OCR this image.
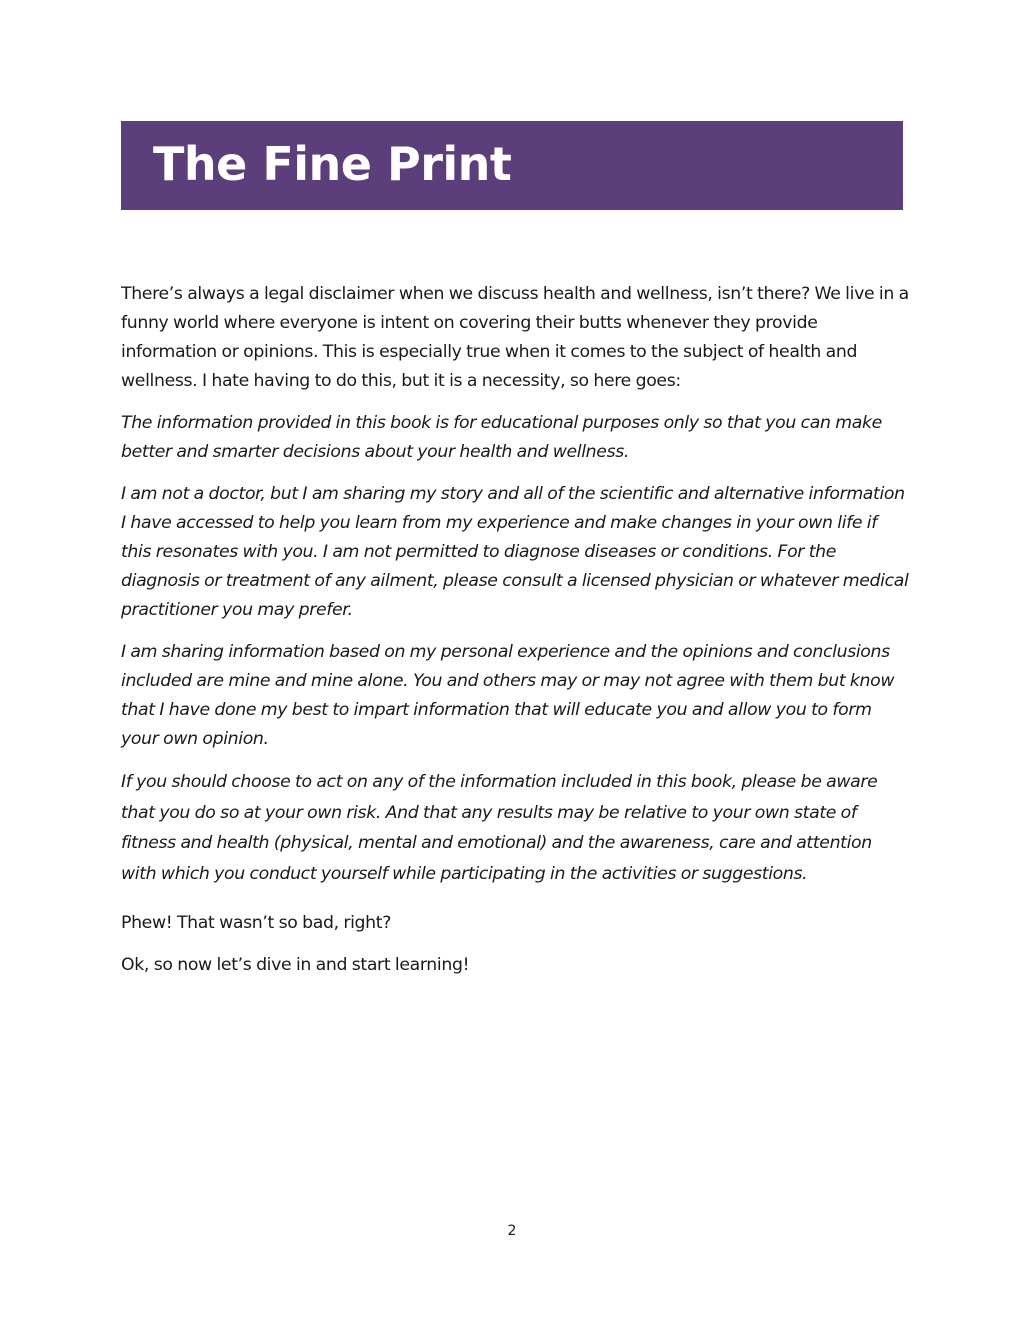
The Fine Print

There’s always a legal disclaimer when we discuss health and wellness, isn’t there? We live in a funny world where everyone is intent on covering their butts whenever they provide information or opinions. This is especially true when it comes to the subject of health and wellness. I hate having to do this, but it is a necessity, so here goes:

The information provided in this book is for educational purposes only so that you can make better and smarter decisions about your health and wellness.

I am not a doctor, but I am sharing my story and all of the scientific and alternative information I have accessed to help you learn from my experience and make changes in your own life if this resonates with you. I am not permitted to diagnose diseases or conditions. For the diagnosis or treatment of any ailment, please consult a licensed physician or whatever medical practitioner you may prefer.

I am sharing information based on my personal experience and the opinions and conclusions included are mine and mine alone. You and others may or may not agree with them but know that I have done my best to impart information that will educate you and allow you to form your own opinion.

If you should choose to act on any of the information included in this book, please be aware that you do so at your own risk. And that any results may be relative to your own state of fitness and health (physical, mental and emotional) and the awareness, care and attention with which you conduct yourself while participating in the activities or suggestions.

Phew! That wasn’t so bad, right?

Ok, so now let’s dive in and start learning!

2
